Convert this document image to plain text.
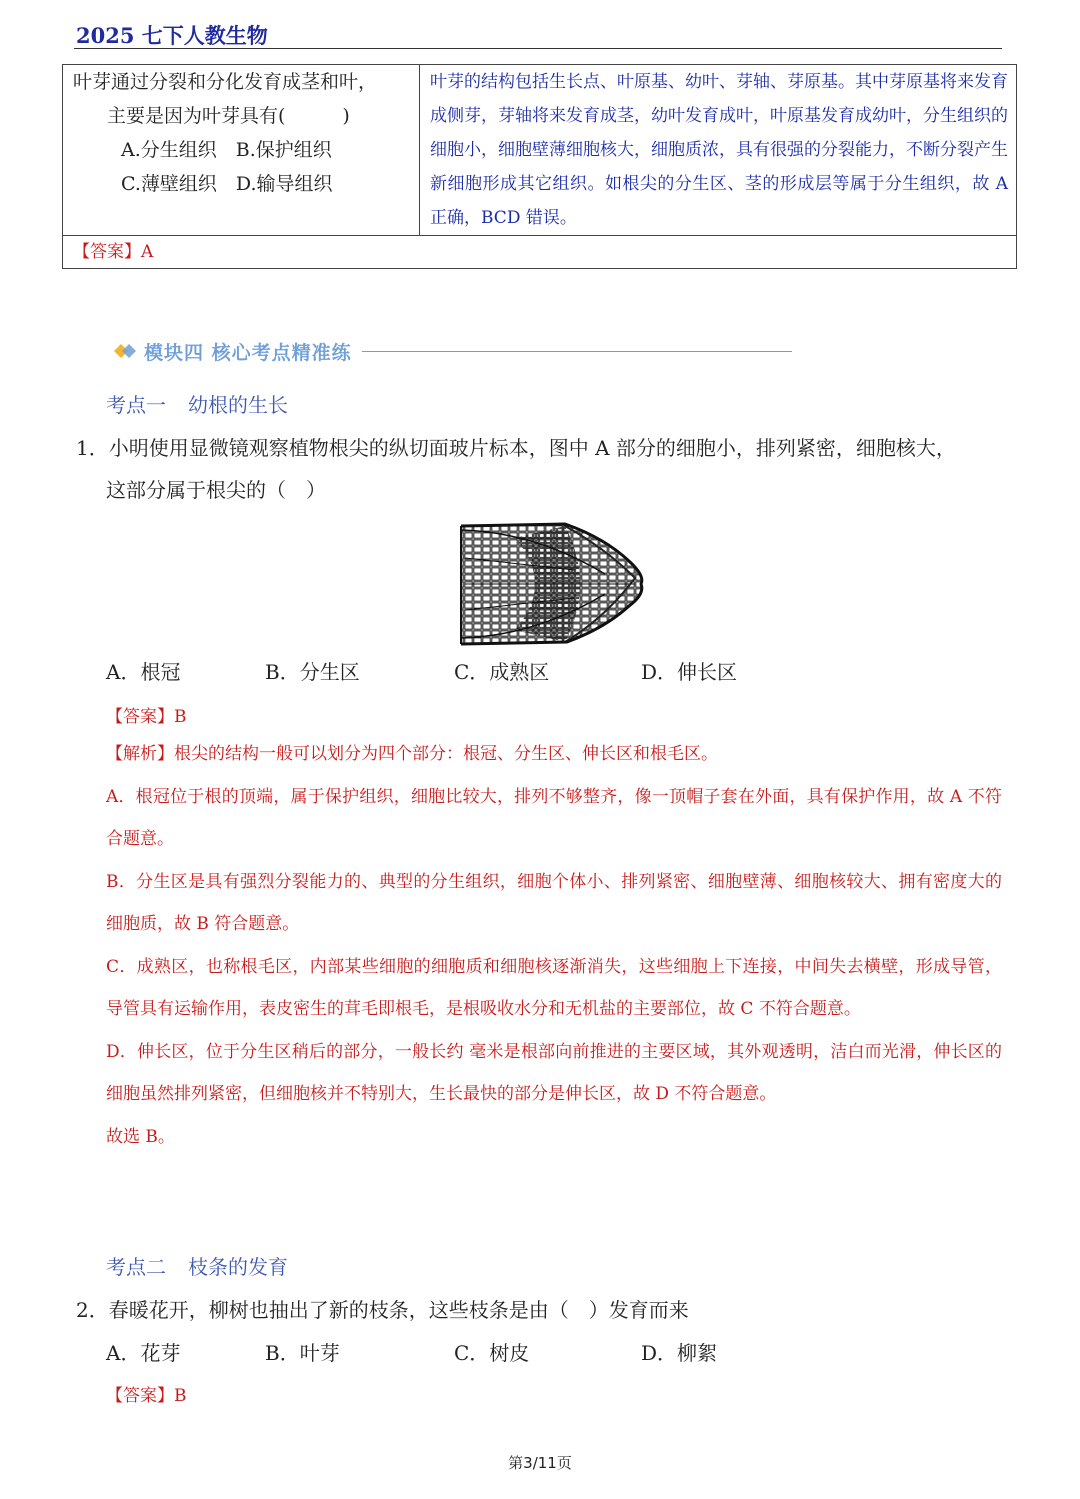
2025 七下人教生物
叶芽通过分裂和分化发育成茎和叶，
主要是因为叶芽具有(　　　)
A.分生组织　B.保护组织
C.薄壁组织　D.输导组织
	叶芽的结构包括生长点、叶原基、幼叶、芽轴、芽原基。其中芽原基将来发育成侧芽，芽轴将来发育成茎，幼叶发育成叶，叶原基发育成幼叶，分生组织的细胞小，细胞壁薄细胞核大，细胞质浓，具有很强的分裂能力，不断分裂产生新细胞形成其它组织。如根尖的分生区、茎的形成层等属于分生组织，故 A 正确，BCD 错误。
【答案】A
模块四 核心考点精准练
考点一 幼根的生长
1．小明使用显微镜观察植物根尖的纵切面玻片标本，图中 A 部分的细胞小，排列紧密，细胞核大，
这部分属于根尖的（　）
A．根冠	B．分生区	C．成熟区	D．伸长区
【答案】B

【解析】根尖的结构一般可以划分为四个部分：根冠、分生区、伸长区和根毛区。

A．根冠位于根的顶端，属于保护组织，细胞比较大，排列不够整齐，像一顶帽子套在外面，具有保护作用，故 A 不符合题意。

B．分生区是具有强烈分裂能力的、典型的分生组织，细胞个体小、排列紧密、细胞壁薄、细胞核较大、拥有密度大的细胞质，故 B 符合题意。

C．成熟区，也称根毛区，内部某些细胞的细胞质和细胞核逐渐消失，这些细胞上下连接，中间失去横壁，形成导管，导管具有运输作用，表皮密生的茸毛即根毛，是根吸收水分和无机盐的主要部位，故 C 不符合题意。

D．伸长区，位于分生区稍后的部分，一般长约 毫米是根部向前推进的主要区域，其外观透明，洁白而光滑，伸长区的细胞虽然排列紧密，但细胞核并不特别大，生长最快的部分是伸长区，故 D 不符合题意。

故选 B。

考点二 枝条的发育
2．春暖花开，柳树也抽出了新的枝条，这些枝条是由（　）发育而来
A．花芽	B．叶芽	C．树皮	D．柳絮
【答案】B
第3/11页
